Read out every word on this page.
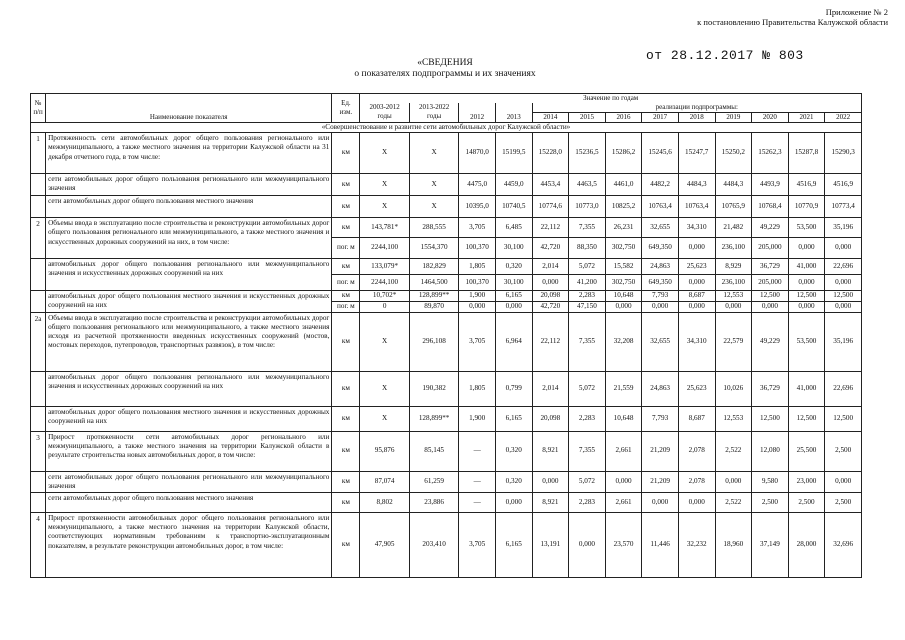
Приложение № 2
к постановлению Правительства Калужской области
от 28.12.2017 № 803
«СВЕДЕНИЯ
о показателях подпрограммы и их значениях
№ п/п	Наименование показателя	Ед. изм.	Значение по годам												
			2003-2012 годы	2013-2022 годы	2012	2013	реализации подпрограммы:								
							2014	2015	2016	2017	2018	2019	2020	2021	2022
«Совершенствование и развитие сети автомобильных дорог Калужской области»															
1	Протяженность сети автомобильных дорог общего пользования регионального или межмуниципального, а также местного значения на территории Калужской области на 31 декабря отчетного года, в том числе:	км	X	X	14870,0	15199,5	15228,0	15236,5	15286,2	15245,6	15247,7	15250,2	15262,3	15287,8	15290,3
	сети автомобильных дорог общего пользования регионального или межмуниципального значения	км	X	X	4475,0	4459,0	4453,4	4463,5	4461,0	4482,2	4484,3	4484,3	4493,9	4516,9	4516,9
	сети автомобильных дорог общего пользования местного значения	км	X	X	10395,0	10740,5	10774,6	10773,0	10825,2	10763,4	10763,4	10765,9	10768,4	10770,9	10773,4
2	Объемы ввода в эксплуатацию после строительства и реконструкции автомобильных дорог общего пользования регионального или межмуниципального, а также местного значения и искусственных дорожных сооружений на них, в том числе:	км	143,781*	288,555	3,705	6,485	22,112	7,355	26,231	32,655	34,310	21,482	49,229	53,500	35,196
		пог. м	2244,100	1554,370	100,370	30,100	42,720	88,350	302,750	649,350	0,000	236,100	205,000	0,000	0,000
	автомобильных дорог общего пользования регионального или межмуниципального значения и искусственных дорожных сооружений на них	км	133,079*	182,829	1,805	0,320	2,014	5,072	15,582	24,863	25,623	8,929	36,729	41,000	22,696
		пог. м	2244,100	1464,500	100,370	30,100	0,000	41,200	302,750	649,350	0,000	236,100	205,000	0,000	0,000
	автомобильных дорог общего пользования местного значения и искусственных дорожных сооружений на них	км	10,702*	128,899**	1,900	6,165	20,098	2,283	10,648	7,793	8,687	12,553	12,500	12,500	12,500
		пог. м	0	89,870	0,000	0,000	42,720	47,150	0,000	0,000	0,000	0,000	0,000	0,000	0,000
2а	Объемы ввода в эксплуатацию после строительства и реконструкции автомобильных дорог общего пользования регионального или межмуниципального, а также местного значения исходя из расчетной протяженности введенных искусственных сооружений (мостов, мостовых переходов, путепроводов, транспортных развязок), в том числе:	км	X	296,108	3,705	6,964	22,112	7,355	32,208	32,655	34,310	22,579	49,229	53,500	35,196
	автомобильных дорог общего пользования регионального или межмуниципального значения и искусственных дорожных сооружений на них	км	X	190,382	1,805	0,799	2,014	5,072	21,559	24,863	25,623	10,026	36,729	41,000	22,696
	автомобильных дорог общего пользования местного значения и искусственных дорожных сооружений на них	км	X	128,899**	1,900	6,165	20,098	2,283	10,648	7,793	8,687	12,553	12,500	12,500	12,500
3	Прирост протяженности сети автомобильных дорог регионального или межмуниципального, а также местного значения на территории Калужской области в результате строительства новых автомобильных дорог, в том числе:	км	95,876	85,145	—	0,320	8,921	7,355	2,661	21,209	2,078	2,522	12,080	25,500	2,500
	сети автомобильных дорог общего пользования регионального или межмуниципального значения	км	87,074	61,259	—	0,320	0,000	5,072	0,000	21,209	2,078	0,000	9,580	23,000	0,000
	сети автомобильных дорог общего пользования местного значения	км	8,802	23,886	—	0,000	8,921	2,283	2,661	0,000	0,000	2,522	2,500	2,500	2,500
4	Прирост протяженности автомобильных дорог общего пользования регионального или межмуниципального, а также местного значения на территории Калужской области, соответствующих нормативным требованиям к транспортно-эксплуатационным показателям, в результате реконструкции автомобильных дорог, в том числе:	км	47,905	203,410	3,705	6,165	13,191	0,000	23,570	11,446	32,232	18,960	37,149	28,000	32,696
